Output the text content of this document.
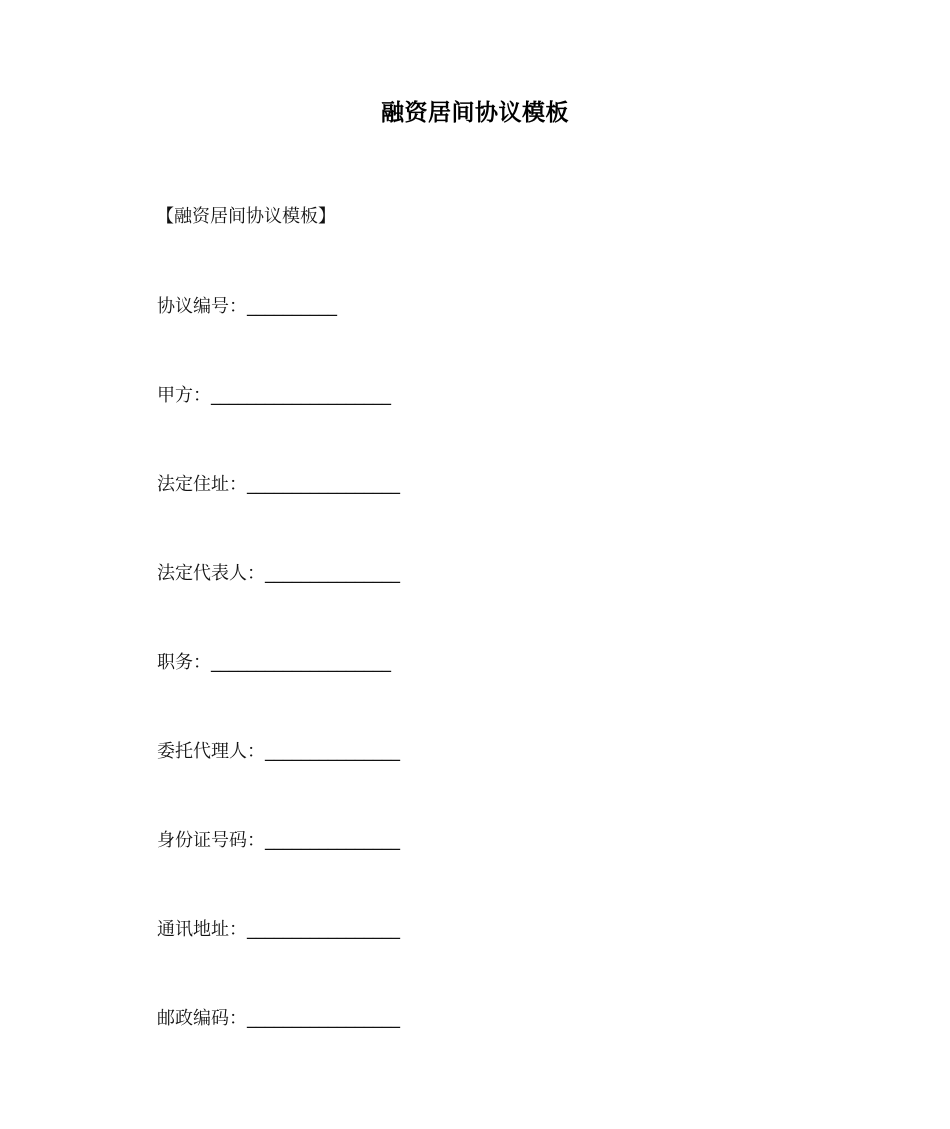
融资居间协议模板
【融资居间协议模板】
协议编号：__________
甲方：____________________
法定住址：_________________
法定代表人：_______________
职务：____________________
委托代理人：_______________
身份证号码：_______________
通讯地址：_________________
邮政编码：_________________
